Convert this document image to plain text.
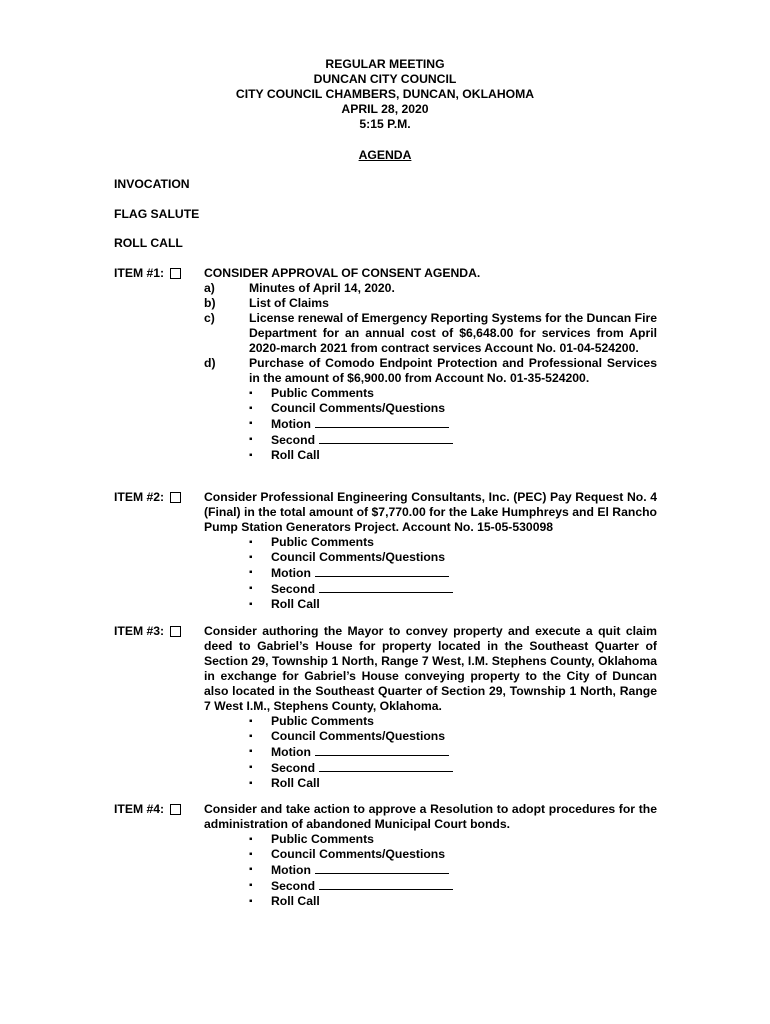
REGULAR MEETING
DUNCAN CITY COUNCIL
CITY COUNCIL CHAMBERS, DUNCAN, OKLAHOMA
APRIL 28, 2020
5:15 P.M.
AGENDA
INVOCATION
FLAG SALUTE
ROLL CALL
ITEM #1:	CONSIDER APPROVAL OF CONSENT AGENDA.
a)	Minutes of April 14, 2020.
b)	List of Claims
c)	License renewal of Emergency Reporting Systems for the Duncan Fire Department for an annual cost of $6,648.00 for services from April 2020-march 2021 from contract services Account No. 01-04-524200.
d)	Purchase of Comodo Endpoint Protection and Professional Services in the amount of $6,900.00 from Account No. 01-35-524200.
▪ Public Comments
▪ Council Comments/Questions
▪ Motion
▪ Second
▪ Roll Call
ITEM #2:	Consider Professional Engineering Consultants, Inc. (PEC) Pay Request No. 4 (Final) in the total amount of $7,770.00 for the Lake Humphreys and El Rancho Pump Station Generators Project. Account No. 15-05-530098
▪ Public Comments
▪ Council Comments/Questions
▪ Motion
▪ Second
▪ Roll Call
ITEM #3:	Consider authoring the Mayor to convey property and execute a quit claim deed to Gabriel’s House for property located in the Southeast Quarter of Section 29, Township 1 North, Range 7 West, I.M. Stephens County, Oklahoma in exchange for Gabriel’s House conveying property to the City of Duncan also located in the Southeast Quarter of Section 29, Township 1 North, Range 7 West I.M., Stephens County, Oklahoma.
▪ Public Comments
▪ Council Comments/Questions
▪ Motion
▪ Second
▪ Roll Call
ITEM #4:	Consider and take action to approve a Resolution to adopt procedures for the administration of abandoned Municipal Court bonds.
▪ Public Comments
▪ Council Comments/Questions
▪ Motion
▪ Second
▪ Roll Call
